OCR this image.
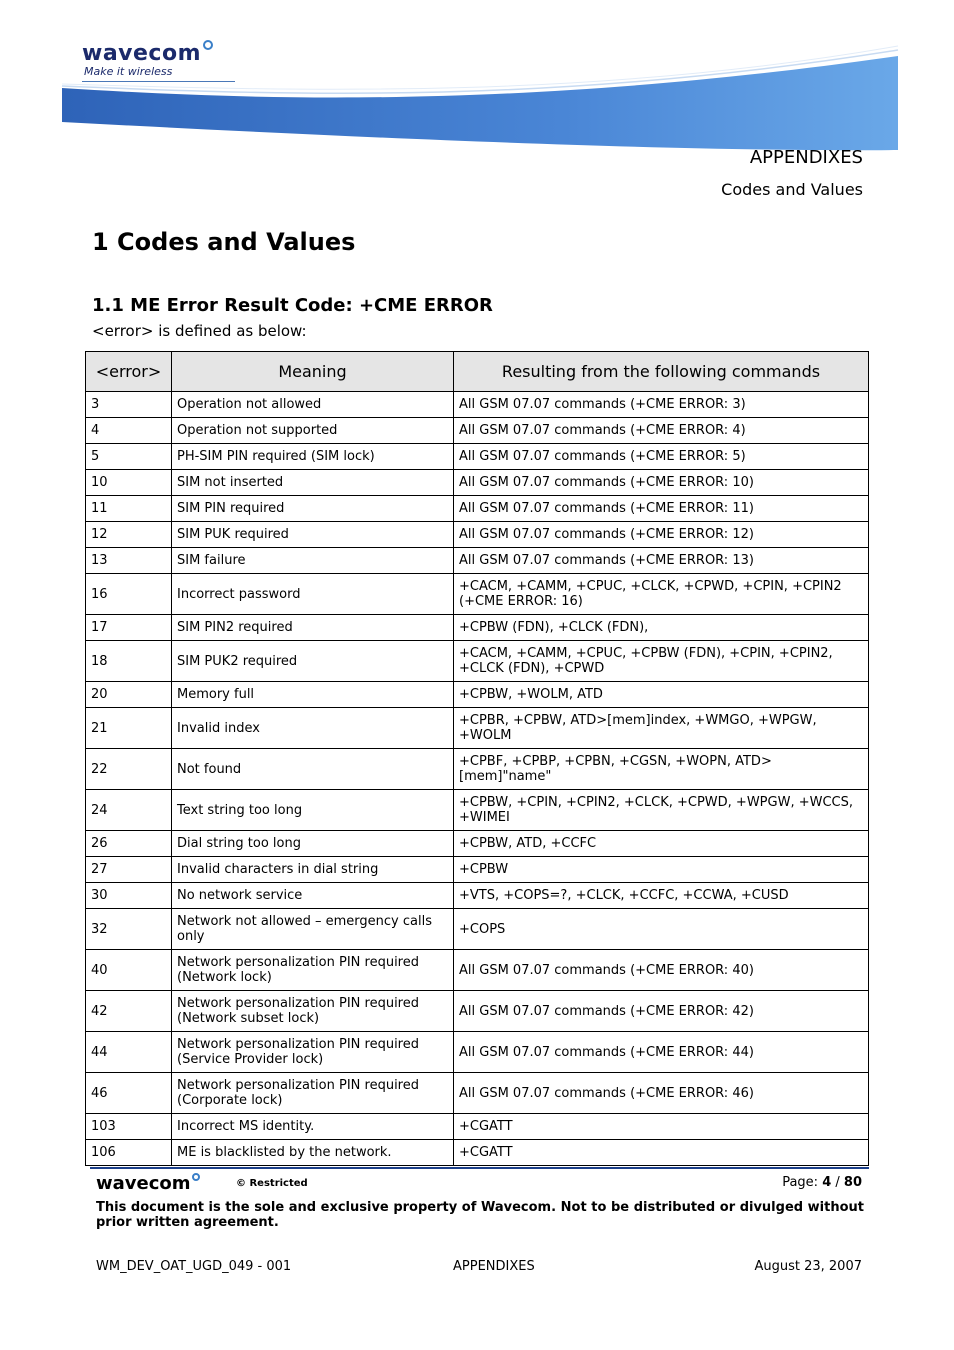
wavecom
Make it wireless
APPENDIXES
Codes and Values
1 Codes and Values
1.1 ME Error Result Code: +CME ERROR
<error> is defined as below:
<error>	Meaning	Resulting from the following commands
3	Operation not allowed	All GSM 07.07 commands (+CME ERROR: 3)
4	Operation not supported	All GSM 07.07 commands (+CME ERROR: 4)
5	PH-SIM PIN required (SIM lock)	All GSM 07.07 commands (+CME ERROR: 5)
10	SIM not inserted	All GSM 07.07 commands (+CME ERROR: 10)
11	SIM PIN required	All GSM 07.07 commands (+CME ERROR: 11)
12	SIM PUK required	All GSM 07.07 commands (+CME ERROR: 12)
13	SIM failure	All GSM 07.07 commands (+CME ERROR: 13)
16	Incorrect password	+CACM, +CAMM, +CPUC, +CLCK, +CPWD, +CPIN, +CPIN2 (+CME ERROR: 16)
17	SIM PIN2 required	+CPBW (FDN), +CLCK (FDN),
18	SIM PUK2 required	+CACM, +CAMM, +CPUC, +CPBW (FDN), +CPIN, +CPIN2, +CLCK (FDN), +CPWD
20	Memory full	+CPBW, +WOLM, ATD
21	Invalid index	+CPBR, +CPBW, ATD>[mem]index, +WMGO, +WPGW, +WOLM
22	Not found	+CPBF, +CPBP, +CPBN, +CGSN, +WOPN, ATD>[mem]"name"
24	Text string too long	+CPBW, +CPIN, +CPIN2, +CLCK, +CPWD, +WPGW, +WCCS, +WIMEI
26	Dial string too long	+CPBW, ATD, +CCFC
27	Invalid characters in dial string	+CPBW
30	No network service	+VTS, +COPS=?, +CLCK, +CCFC, +CCWA, +CUSD
32	Network not allowed – emergency calls only	+COPS
40	Network personalization PIN required (Network lock)	All GSM 07.07 commands (+CME ERROR: 40)
42	Network personalization PIN required (Network subset lock)	All GSM 07.07 commands (+CME ERROR: 42)
44	Network personalization PIN required (Service Provider lock)	All GSM 07.07 commands (+CME ERROR: 44)
46	Network personalization PIN required (Corporate lock)	All GSM 07.07 commands (+CME ERROR: 46)
103	Incorrect MS identity.	+CGATT
106	ME is blacklisted by the network.	+CGATT
wavecom	© Restricted	Page: 4 / 80
This document is the sole and exclusive property of Wavecom. Not to be distributed or divulged without prior written agreement.
WM_DEV_OAT_UGD_049 - 001	APPENDIXES	August 23, 2007
